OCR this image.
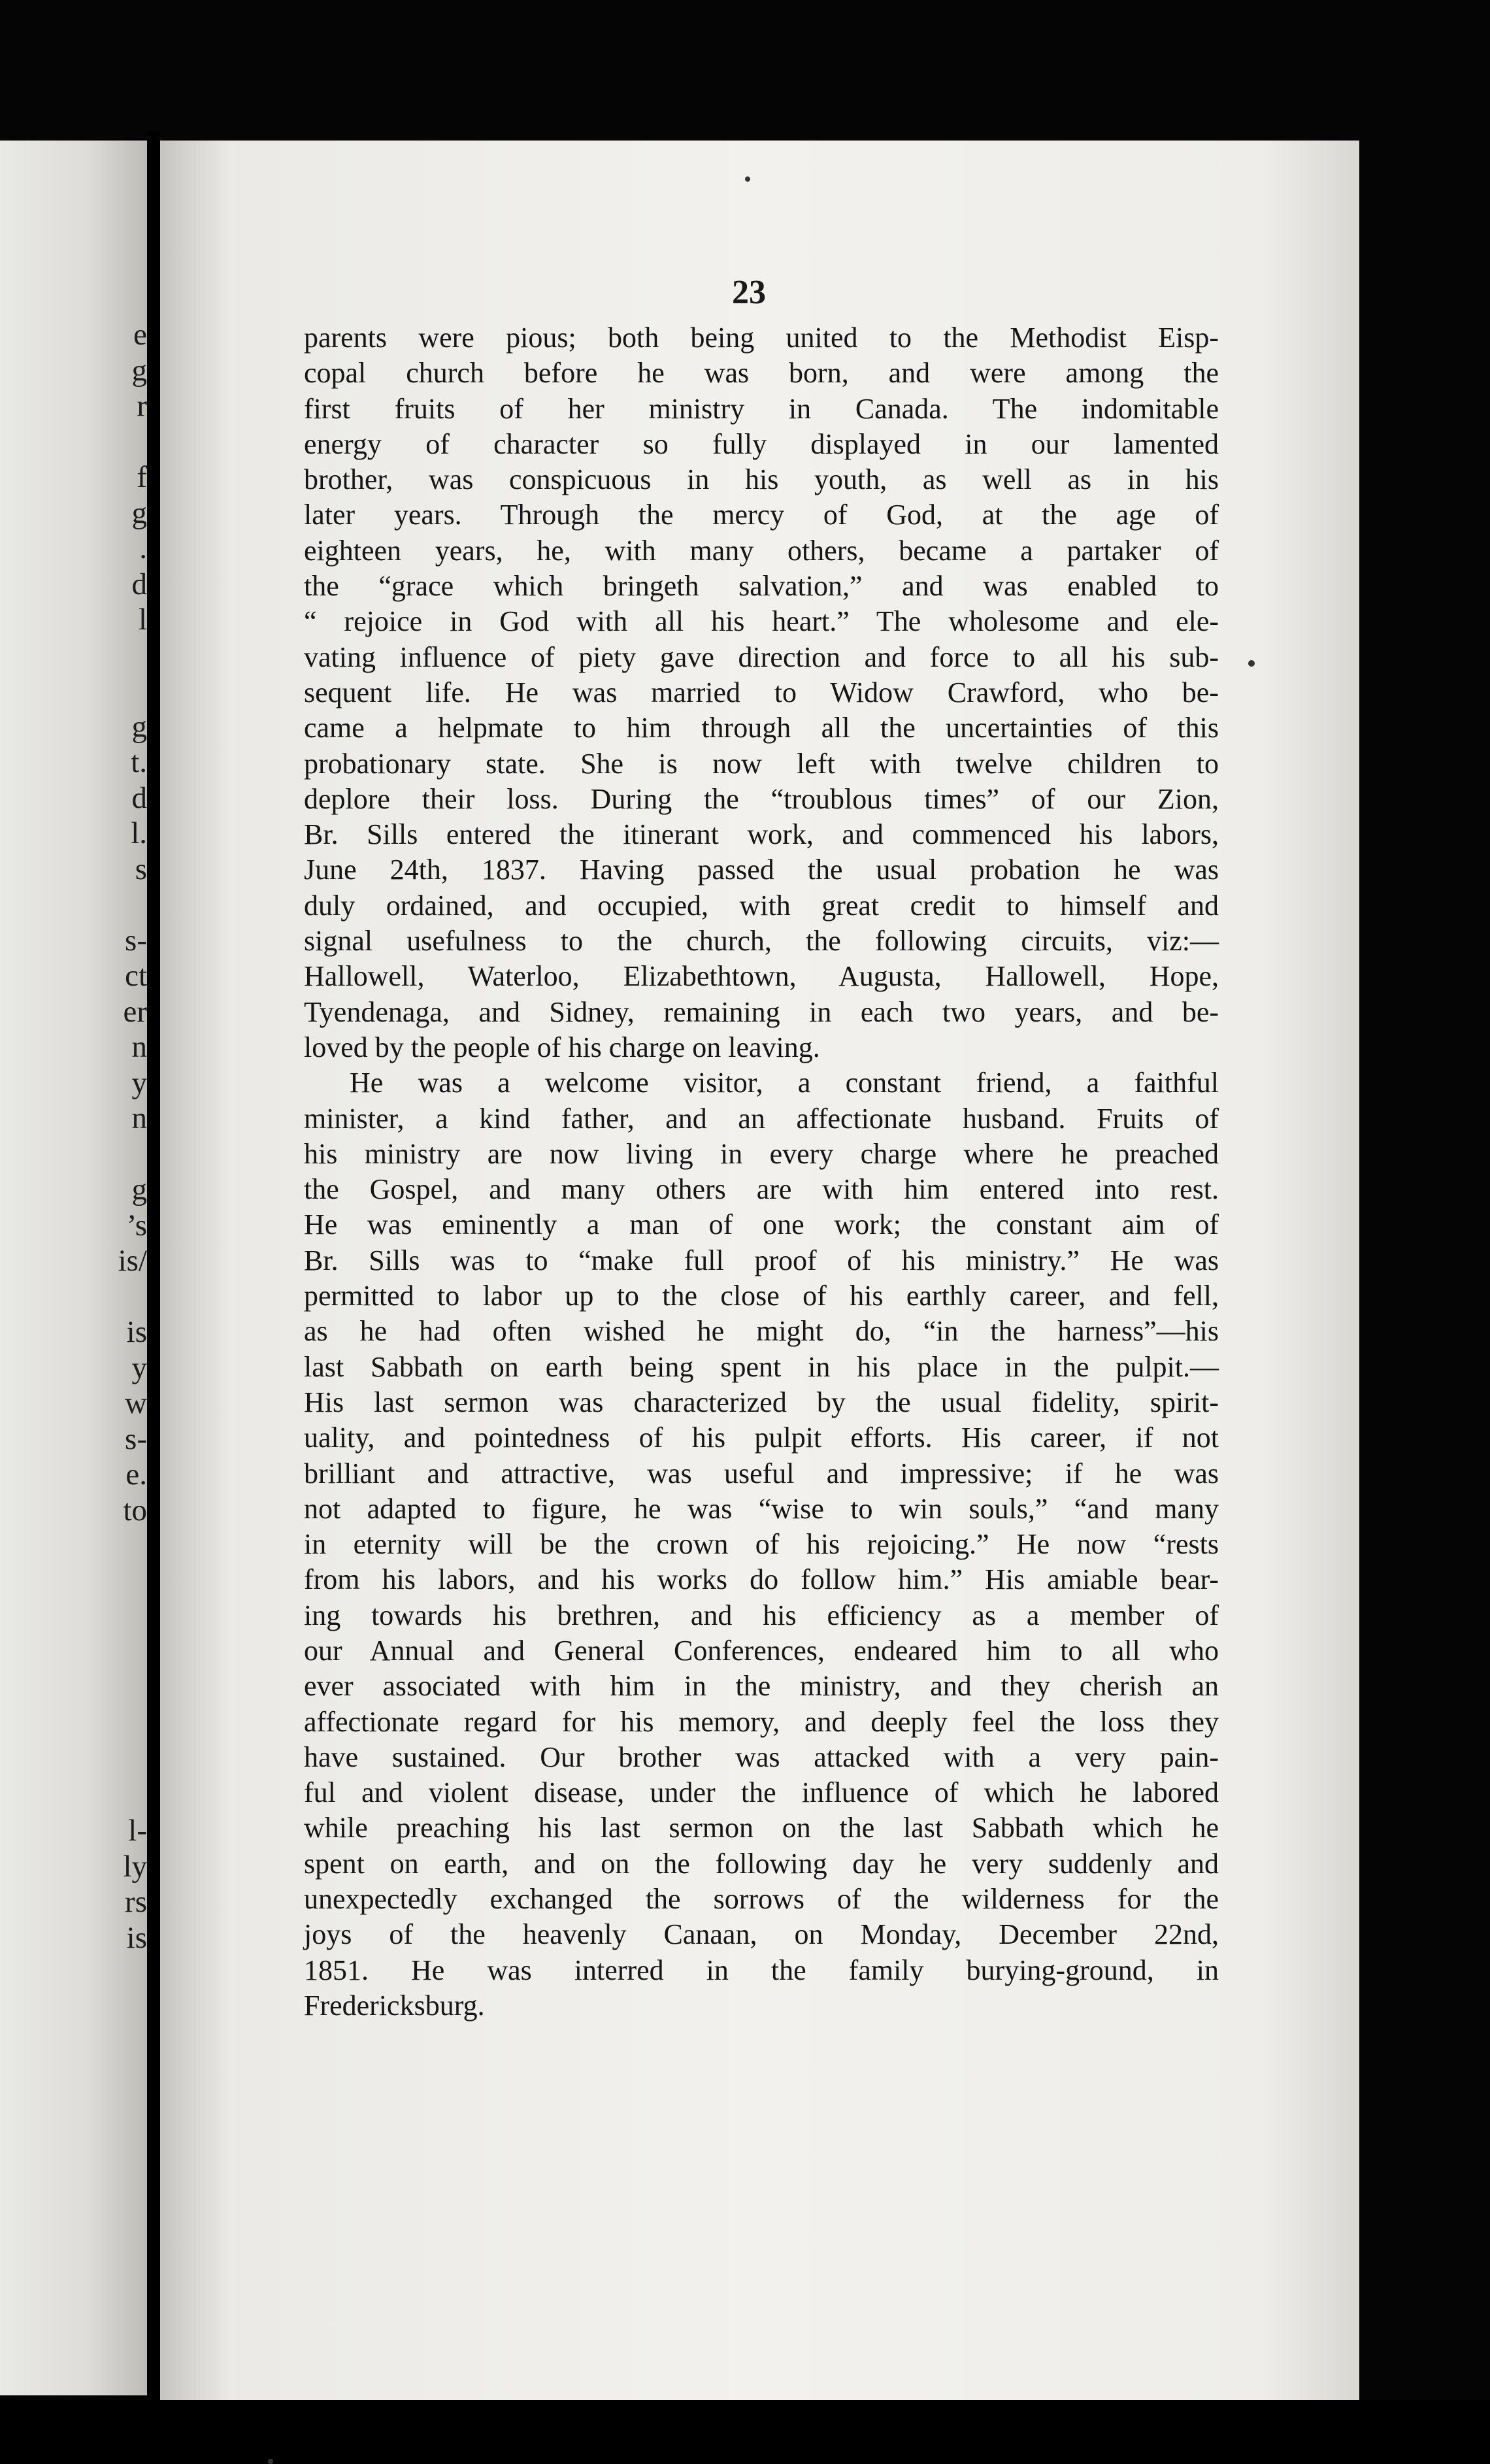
e
g
r
f
g
.
d
l
g
t.
d
l.
s
s-
ct
er
n
y
n
g
’s
is/
is
y
w
s-
e.
to
l-
ly
rs
is
23
parents were pious; both being united to the Methodist Eisp-
copal church before he was born, and were among the
first fruits of her ministry in Canada. The indomitable
energy of character so fully displayed in our lamented
brother, was conspicuous in his youth, as well as in his
later years. Through the mercy of God, at the age of
eighteen years, he, with many others, became a partaker of
the “grace which bringeth salvation,” and was enabled to
“ rejoice in God with all his heart.” The wholesome and ele-
vating influence of piety gave direction and force to all his sub-
sequent life. He was married to Widow Crawford, who be-
came a helpmate to him through all the uncertainties of this
probationary state. She is now left with twelve children to
deplore their loss. During the “troublous times” of our Zion,
Br. Sills entered the itinerant work, and commenced his labors,
June 24th, 1837. Having passed the usual probation he was
duly ordained, and occupied, with great credit to himself and
signal usefulness to the church, the following circuits, viz:—
Hallowell, Waterloo, Elizabethtown, Augusta, Hallowell, Hope,
Tyendenaga, and Sidney, remaining in each two years, and be-
loved by the people of his charge on leaving.
He was a welcome visitor, a constant friend, a faithful
minister, a kind father, and an affectionate husband. Fruits of
his ministry are now living in every charge where he preached
the Gospel, and many others are with him entered into rest.
He was eminently a man of one work; the constant aim of
Br. Sills was to “make full proof of his ministry.” He was
permitted to labor up to the close of his earthly career, and fell,
as he had often wished he might do, “in the harness”—his
last Sabbath on earth being spent in his place in the pulpit.—
His last sermon was characterized by the usual fidelity, spirit-
uality, and pointedness of his pulpit efforts. His career, if not
brilliant and attractive, was useful and impressive; if he was
not adapted to figure, he was “wise to win souls,” “and many
in eternity will be the crown of his rejoicing.” He now “rests
from his labors, and his works do follow him.” His amiable bear-
ing towards his brethren, and his efficiency as a member of
our Annual and General Conferences, endeared him to all who
ever associated with him in the ministry, and they cherish an
affectionate regard for his memory, and deeply feel the loss they
have sustained. Our brother was attacked with a very pain-
ful and violent disease, under the influence of which he labored
while preaching his last sermon on the last Sabbath which he
spent on earth, and on the following day he very suddenly and
unexpectedly exchanged the sorrows of the wilderness for the
joys of the heavenly Canaan, on Monday, December 22nd,
1851. He was interred in the family burying-ground, in
Fredericksburg.
